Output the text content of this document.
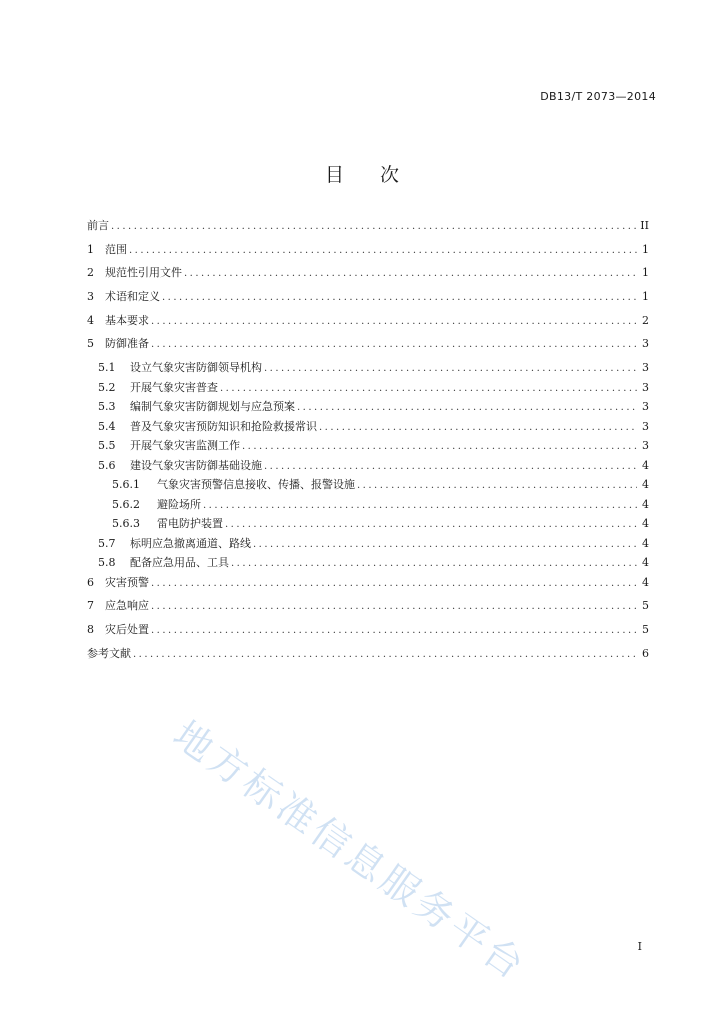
DB13/T 2073—2014
目 次
前言 .....	II
1	范围 .....	1
2	规范性引用文件 .....	1
3	术语和定义 .....	1
4	基本要求 .....	2
5	防御准备 .....	3
5.1	设立气象灾害防御领导机构 .....	3
5.2	开展气象灾害普查 .....	3
5.3	编制气象灾害防御规划与应急预案 .....	3
5.4	普及气象灾害预防知识和抢险救援常识 .....	3
5.5	开展气象灾害监测工作 .....	3
5.6	建设气象灾害防御基础设施 .....	4
5.6.1	气象灾害预警信息接收、传播、报警设施 .....	4
5.6.2	避险场所 .....	4
5.6.3	雷电防护装置 .....	4
5.7	标明应急撤离通道、路线 .....	4
5.8	配备应急用品、工具 .....	4
6	灾害预警 .....	4
7	应急响应 .....	5
8	灾后处置 .....	5
参考文献 .....	6
地方标准信息服务平台	I
